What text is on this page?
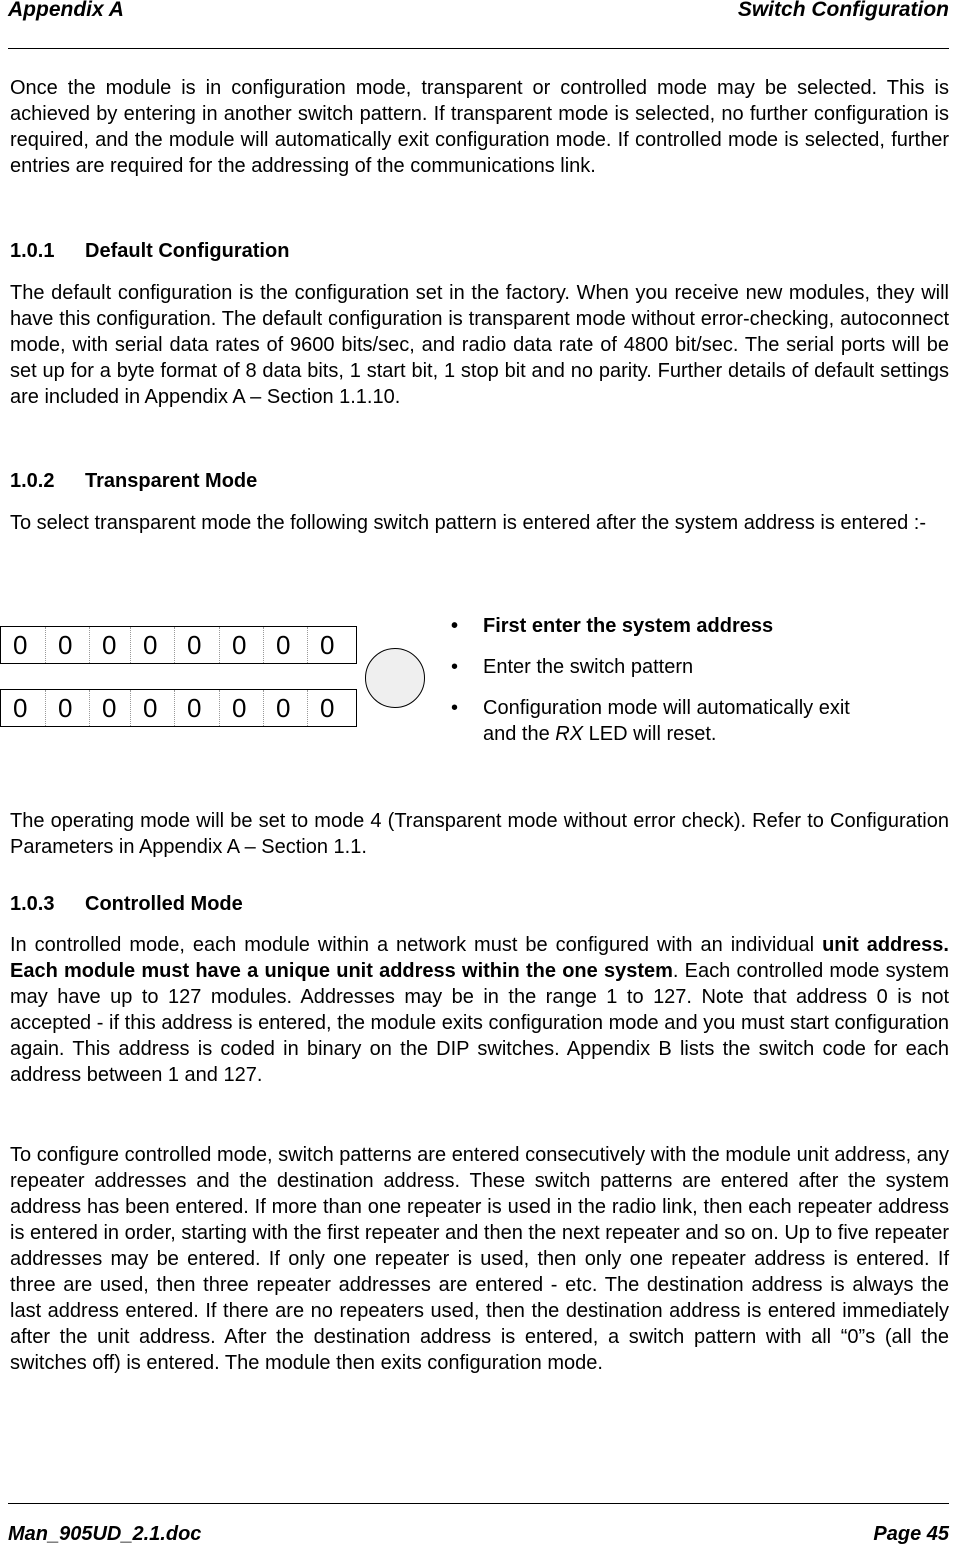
Appendix A	Switch Configuration

Once the module is in configuration mode, transparent or controlled mode may be selected. This is achieved by entering in another switch pattern. If transparent mode is selected, no further configuration is required, and the module will automatically exit configuration mode. If controlled mode is selected, further entries are required for the addressing of the communications link.

1.0.1 Default Configuration

The default configuration is the configuration set in the factory. When you receive new modules, they will have this configuration. The default configuration is transparent mode without error-checking, autoconnect mode, with serial data rates of 9600 bits/sec, and radio data rate of 4800 bit/sec. The serial ports will be set up for a byte format of 8 data bits, 1 start bit, 1 stop bit and no parity. Further details of default settings are included in Appendix A – Section 1.1.10.

1.0.2 Transparent Mode

To select transparent mode the following switch pattern is entered after the system address is entered :-

0	0	0	0	0	0	0	0
0	0	0	0	0	0	0	0
• First enter the system address
• Enter the switch pattern
• Configuration mode will automatically exit and the RX LED will reset.

The operating mode will be set to mode 4 (Transparent mode without error check). Refer to Configuration Parameters in Appendix A – Section 1.1.

1.0.3 Controlled Mode

In controlled mode, each module within a network must be configured with an individual unit address. Each module must have a unique unit address within the one system. Each controlled mode system may have up to 127 modules. Addresses may be in the range 1 to 127. Note that address 0 is not accepted - if this address is entered, the module exits configuration mode and you must start configuration again. This address is coded in binary on the DIP switches. Appendix B lists the switch code for each address between 1 and 127.

To configure controlled mode, switch patterns are entered consecutively with the module unit address, any repeater addresses and the destination address. These switch patterns are entered after the system address has been entered. If more than one repeater is used in the radio link, then each repeater address is entered in order, starting with the first repeater and then the next repeater and so on. Up to five repeater addresses may be entered. If only one repeater is used, then only one repeater address is entered. If three are used, then three repeater addresses are entered - etc. The destination address is always the last address entered. If there are no repeaters used, then the destination address is entered immediately after the unit address. After the destination address is entered, a switch pattern with all “0”s (all the switches off) is entered. The module then exits configuration mode.

Man_905UD_2.1.doc	Page 45
